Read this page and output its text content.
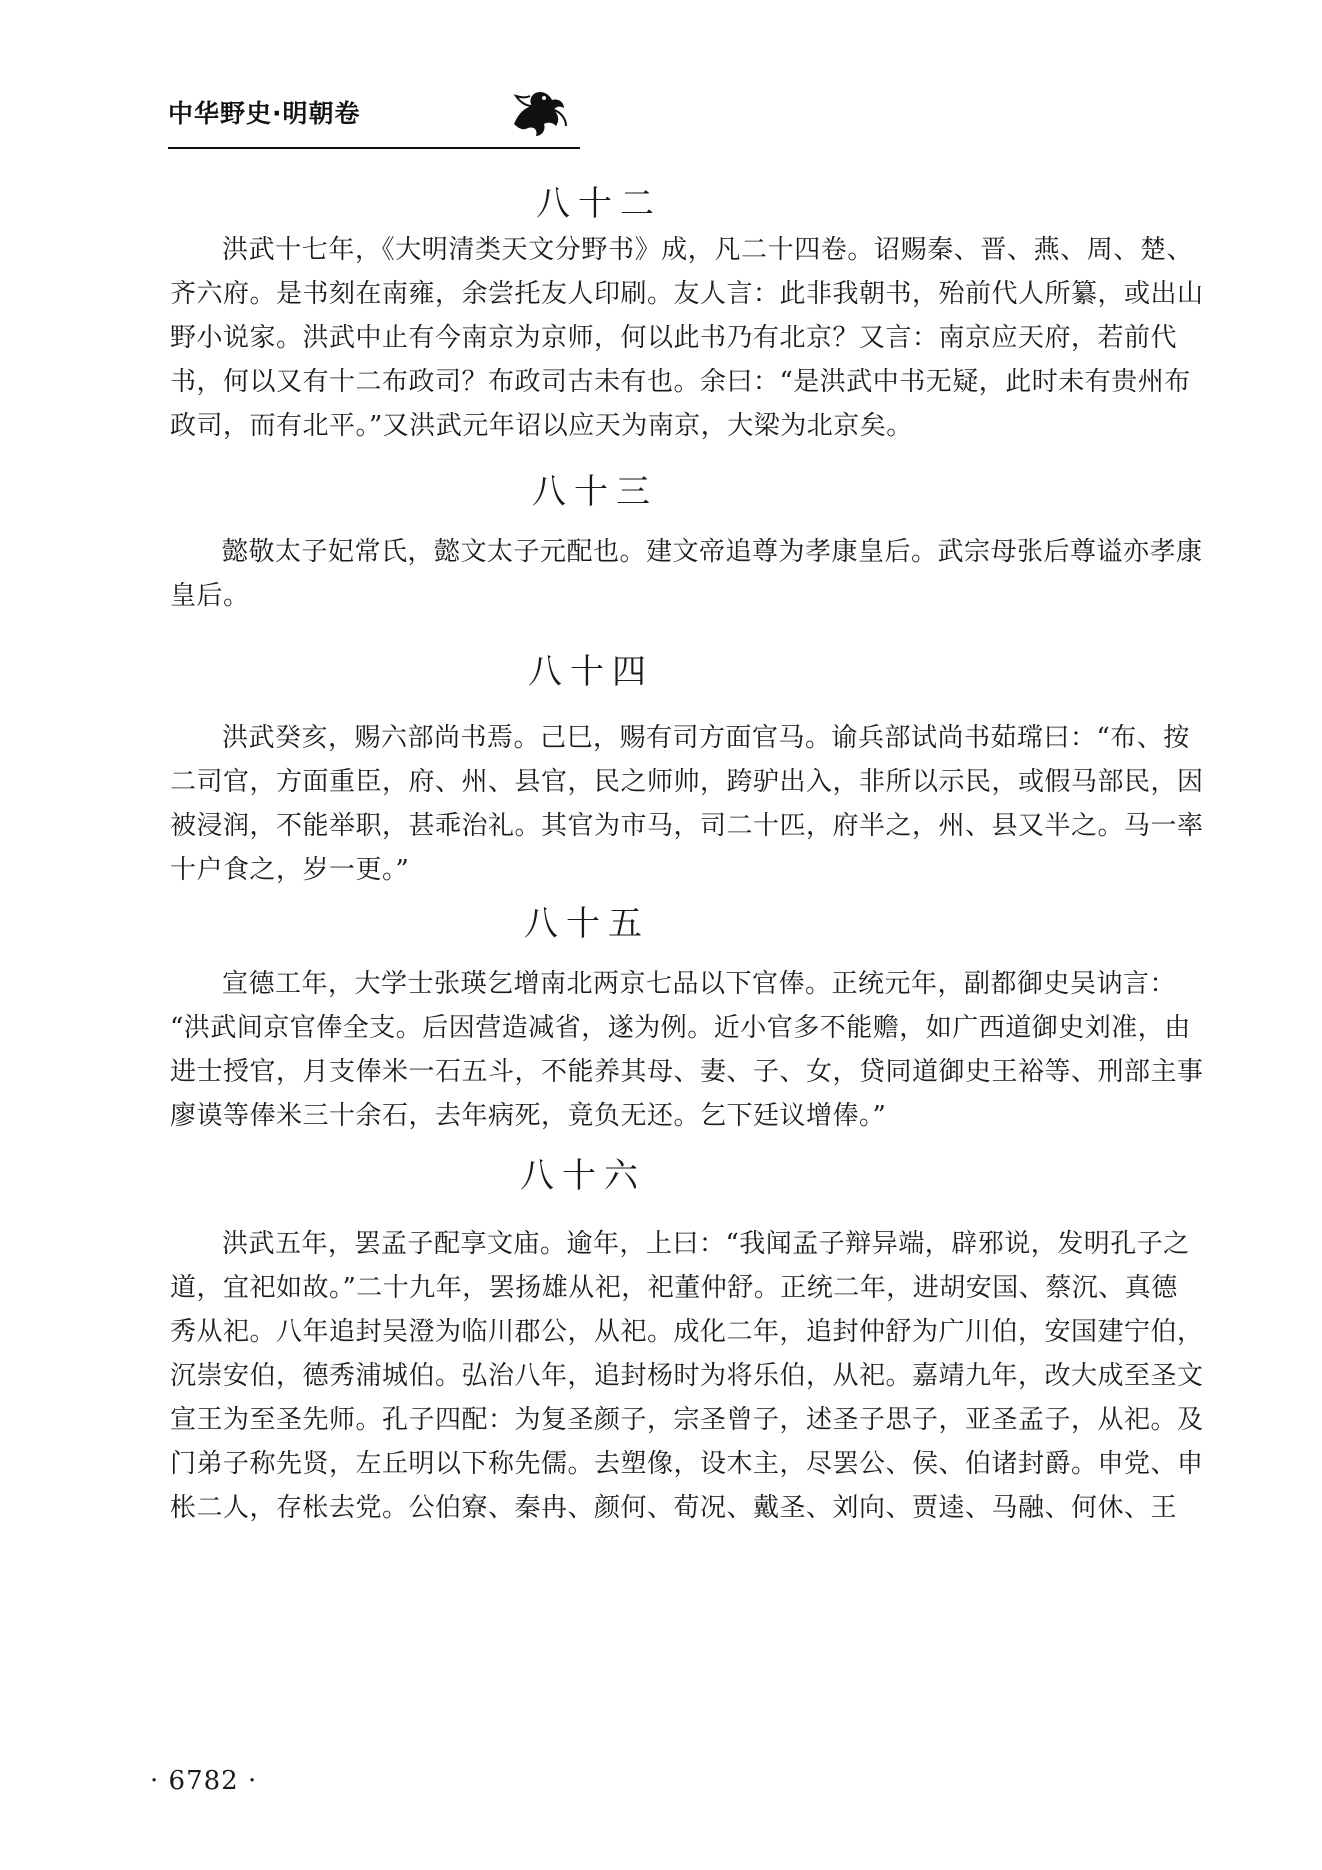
中华野史·明朝卷
八十二
洪武十七年，《大明清类天文分野书》成，凡二十四卷。诏赐秦、晋、燕、周、楚、
齐六府。是书刻在南雍，余尝托友人印刷。友人言：此非我朝书，殆前代人所纂，或出山
野小说家。洪武中止有今南京为京师，何以此书乃有北京？又言：南京应天府，若前代
书，何以又有十二布政司？布政司古未有也。余曰：“是洪武中书无疑，此时未有贵州布
政司，而有北平。”又洪武元年诏以应天为南京，大梁为北京矣。
八十三
懿敬太子妃常氏，懿文太子元配也。建文帝追尊为孝康皇后。武宗母张后尊谥亦孝康
皇后。
八十四
洪武癸亥，赐六部尚书焉。己巳，赐有司方面官马。谕兵部试尚书茹瑺曰：“布、按
二司官，方面重臣，府、州、县官，民之师帅，跨驴出入，非所以示民，或假马部民，因
被浸润，不能举职，甚乖治礼。其官为市马，司二十匹，府半之，州、县又半之。马一率
十户食之，岁一更。”
八十五
宣德工年，大学士张瑛乞增南北两京七品以下官俸。正统元年，副都御史吴讷言：
“洪武间京官俸全支。后因营造减省，遂为例。近小官多不能赡，如广西道御史刘准，由
进士授官，月支俸米一石五斗，不能养其母、妻、子、女，贷同道御史王裕等、刑部主事
廖谟等俸米三十余石，去年病死，竟负无还。乞下廷议增俸。”
八十六
洪武五年，罢孟子配享文庙。逾年，上曰：“我闻孟子辩异端，辟邪说，发明孔子之
道，宜祀如故。”二十九年，罢扬雄从祀，祀董仲舒。正统二年，进胡安国、蔡沉、真德
秀从祀。八年追封吴澄为临川郡公，从祀。成化二年，追封仲舒为广川伯，安国建宁伯，
沉崇安伯，德秀浦城伯。弘治八年，追封杨时为将乐伯，从祀。嘉靖九年，改大成至圣文
宣王为至圣先师。孔子四配：为复圣颜子，宗圣曾子，述圣子思子，亚圣孟子，从祀。及
门弟子称先贤，左丘明以下称先儒。去塑像，设木主，尽罢公、侯、伯诸封爵。申党、申
枨二人，存枨去党。公伯寮、秦冉、颜何、荀况、戴圣、刘向、贾逵、马融、何休、王
· 6782 ·
